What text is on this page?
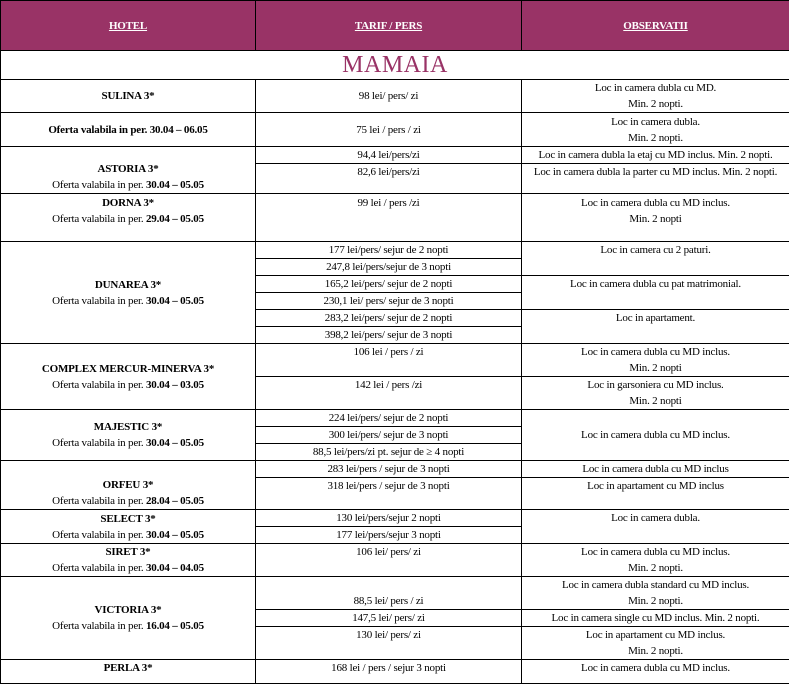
HOTEL	TARIF / PERS	OBSERVATII
MAMAIA		

SULINA 3*	98 lei/ pers/ zi	Loc in camera dubla cu MD.
Min. 2 nopti.

Oferta valabila in per. 30.04 – 06.05	75 lei / pers / zi	Loc in camera dubla.
Min. 2 nopti.

ASTORIA 3*
Oferta valabila in per. 30.04 – 05.05	94,4 lei/pers/zi	Loc in camera dubla la etaj cu MD inclus. Min. 2 nopti.

	82,6 lei/pers/zi	Loc in camera dubla la parter cu MD inclus. Min. 2 nopti.

DORNA 3*
Oferta valabila in per. 29.04 – 05.05	99 lei / pers /zi	Loc in camera dubla cu MD inclus.
Min. 2 nopti

DUNAREA 3*
Oferta valabila in per. 30.04 – 05.05	177 lei/pers/ sejur de 2 nopti	Loc in camera cu 2 paturi.

	247,8 lei/pers/sejur de 3 nopti	
	165,2 lei/pers/ sejur de 2 nopti	Loc in camera dubla cu pat matrimonial.

	230,1 lei/ pers/ sejur de 3 nopti	
	283,2 lei/pers/ sejur de 2 nopti	Loc in apartament.

	398,2 lei/pers/ sejur de 3 nopti	

COMPLEX MERCUR-MINERVA 3*
Oferta valabila in per. 30.04 – 03.05	106 lei / pers / zi	Loc in camera dubla cu MD inclus.
Min. 2 nopti

	142 lei / pers /zi	Loc in garsoniera cu MD inclus.
Min. 2 nopti

MAJESTIC 3*
Oferta valabila in per. 30.04 – 05.05	224 lei/pers/ sejur de 2 nopti	Loc in camera dubla cu MD inclus.

	300 lei/pers/ sejur de 3 nopti	
	88,5 lei/pers/zi pt. sejur de ≥ 4 nopti	

ORFEU 3*
Oferta valabila in per. 28.04 – 05.05	283 lei/pers / sejur de 3 nopti	Loc in camera dubla cu MD inclus

	318 lei/pers / sejur de 3 nopti	Loc in apartament cu MD inclus

SELECT 3*
Oferta valabila in per. 30.04 – 05.05	130 lei/pers/sejur 2 nopti	Loc in camera dubla.

	177 lei/pers/sejur 3 nopti	

SIRET 3*
Oferta valabila in per. 30.04 – 04.05	106 lei/ pers/ zi	Loc in camera dubla cu MD inclus.
Min. 2 nopti.

VICTORIA 3*
Oferta valabila in per. 16.04 – 05.05	88,5 lei/ pers / zi	Loc in camera dubla standard cu MD inclus.
Min. 2 nopti.

	147,5 lei/ pers/ zi	Loc in camera single cu MD inclus. Min. 2 nopti.

	130 lei/ pers/ zi	Loc in apartament cu MD inclus.
Min. 2 nopti.

PERLA 3*	168 lei / pers / sejur 3 nopti	Loc in camera dubla cu MD inclus.
